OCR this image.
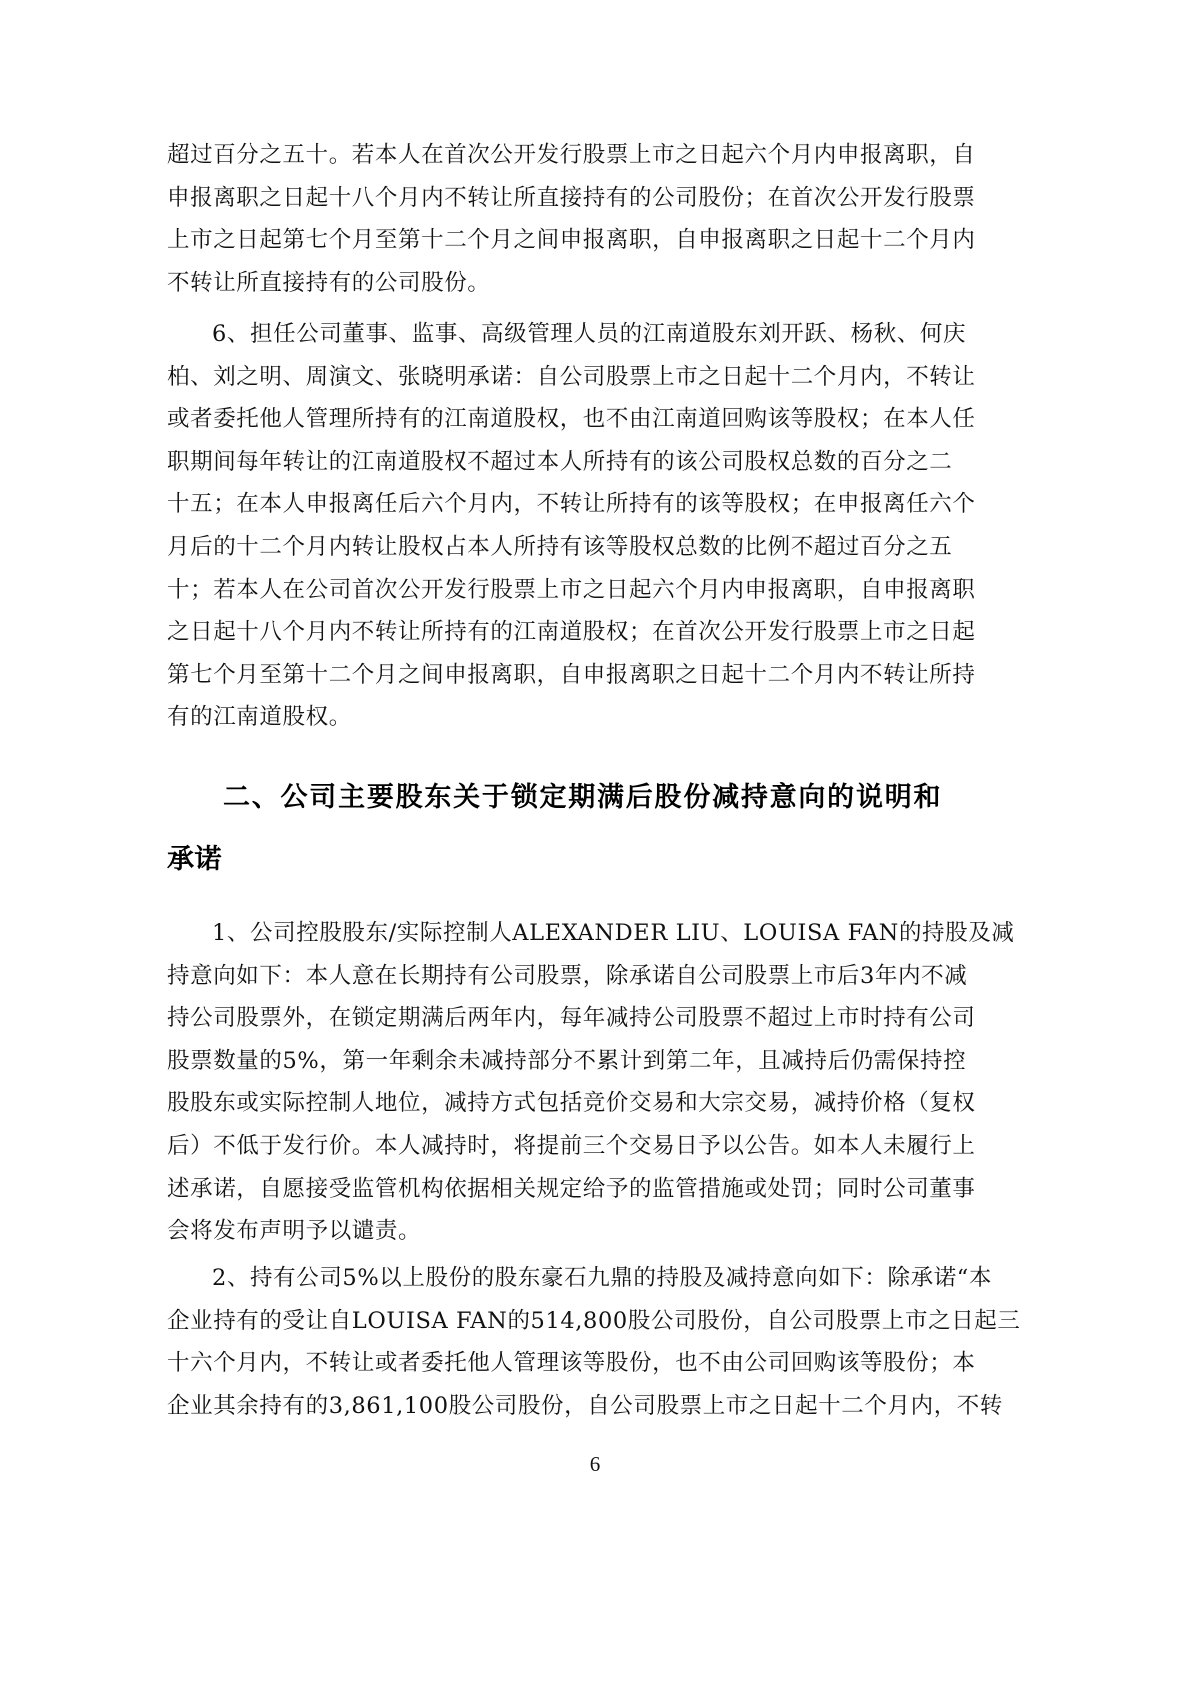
超过百分之五十。若本人在首次公开发行股票上市之日起六个月内申报离职，自
申报离职之日起十八个月内不转让所直接持有的公司股份；在首次公开发行股票
上市之日起第七个月至第十二个月之间申报离职，自申报离职之日起十二个月内
不转让所直接持有的公司股份。
6、担任公司董事、监事、高级管理人员的江南道股东刘开跃、杨秋、何庆
柏、刘之明、周演文、张晓明承诺：自公司股票上市之日起十二个月内，不转让
或者委托他人管理所持有的江南道股权，也不由江南道回购该等股权；在本人任
职期间每年转让的江南道股权不超过本人所持有的该公司股权总数的百分之二
十五；在本人申报离任后六个月内，不转让所持有的该等股权；在申报离任六个
月后的十二个月内转让股权占本人所持有该等股权总数的比例不超过百分之五
十；若本人在公司首次公开发行股票上市之日起六个月内申报离职，自申报离职
之日起十八个月内不转让所持有的江南道股权；在首次公开发行股票上市之日起
第七个月至第十二个月之间申报离职，自申报离职之日起十二个月内不转让所持
有的江南道股权。
二、公司主要股东关于锁定期满后股份减持意向的说明和
承诺
1、公司控股股东/实际控制人ALEXANDER LIU、LOUISA FAN的持股及减
持意向如下：本人意在长期持有公司股票，除承诺自公司股票上市后3年内不减
持公司股票外，在锁定期满后两年内，每年减持公司股票不超过上市时持有公司
股票数量的5%，第一年剩余未减持部分不累计到第二年，且减持后仍需保持控
股股东或实际控制人地位，减持方式包括竞价交易和大宗交易，减持价格（复权
后）不低于发行价。本人减持时，将提前三个交易日予以公告。如本人未履行上
述承诺，自愿接受监管机构依据相关规定给予的监管措施或处罚；同时公司董事
会将发布声明予以谴责。
2、持有公司5%以上股份的股东豪石九鼎的持股及减持意向如下：除承诺“本
企业持有的受让自LOUISA FAN的514,800股公司股份，自公司股票上市之日起三
十六个月内，不转让或者委托他人管理该等股份，也不由公司回购该等股份；本
企业其余持有的3,861,100股公司股份，自公司股票上市之日起十二个月内，不转
6
